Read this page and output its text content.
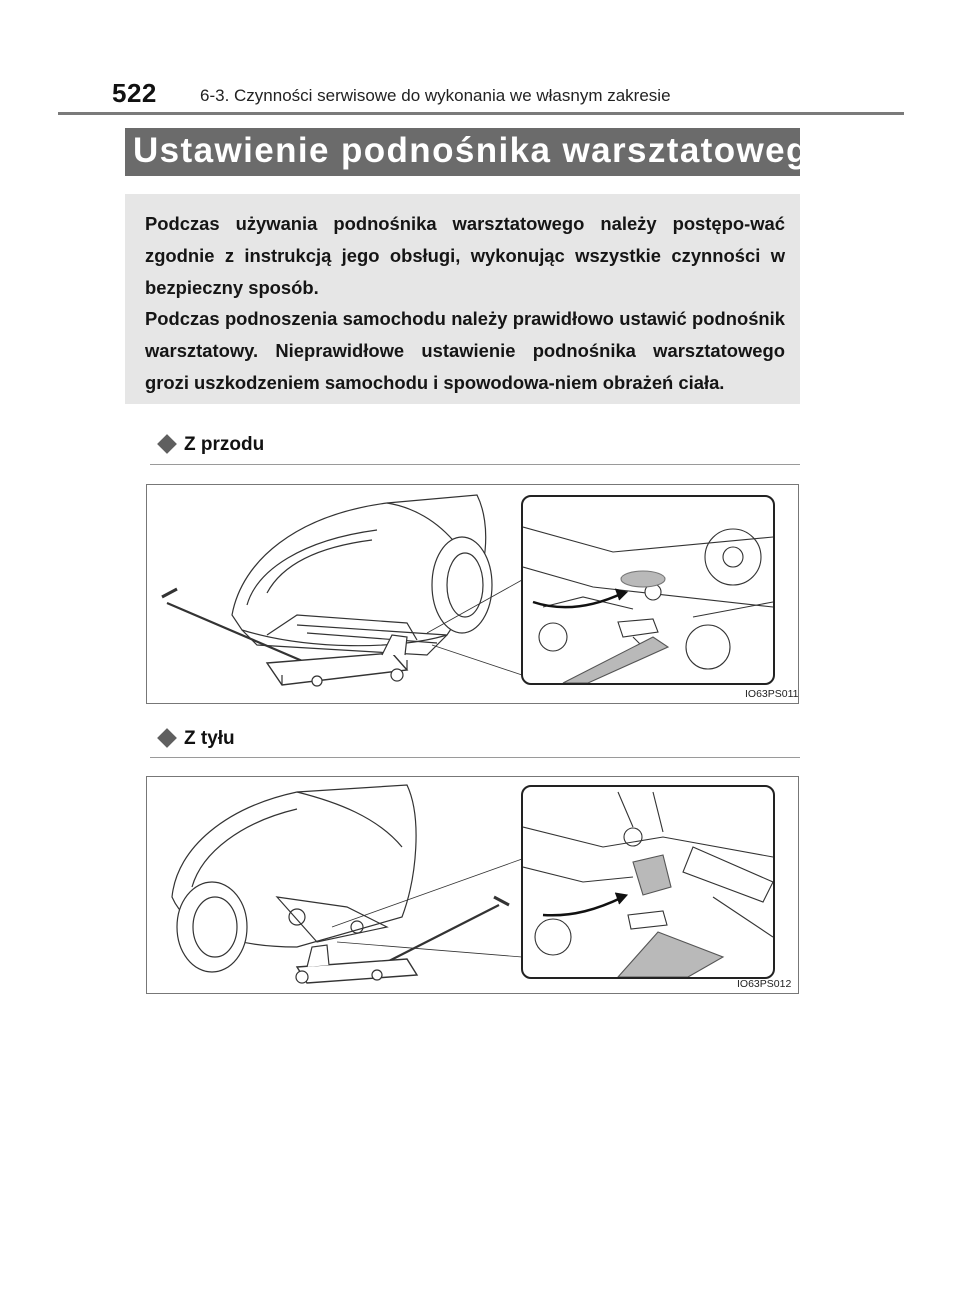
522	6-3. Czynności serwisowe do wykonania we własnym zakresie
Ustawienie podnośnika warsztatowego

Podczas używania podnośnika warsztatowego należy postępo-wać zgodnie z instrukcją jego obsługi, wykonując wszystkie czynności w bezpieczny sposób.

Podczas podnoszenia samochodu należy prawidłowo ustawić podnośnik warsztatowy. Nieprawidłowe ustawienie podnośnika warsztatowego grozi uszkodzeniem samochodu i spowodowa-niem obrażeń ciała.

Z przodu
IO63PS011
Z tyłu
IO63PS012
